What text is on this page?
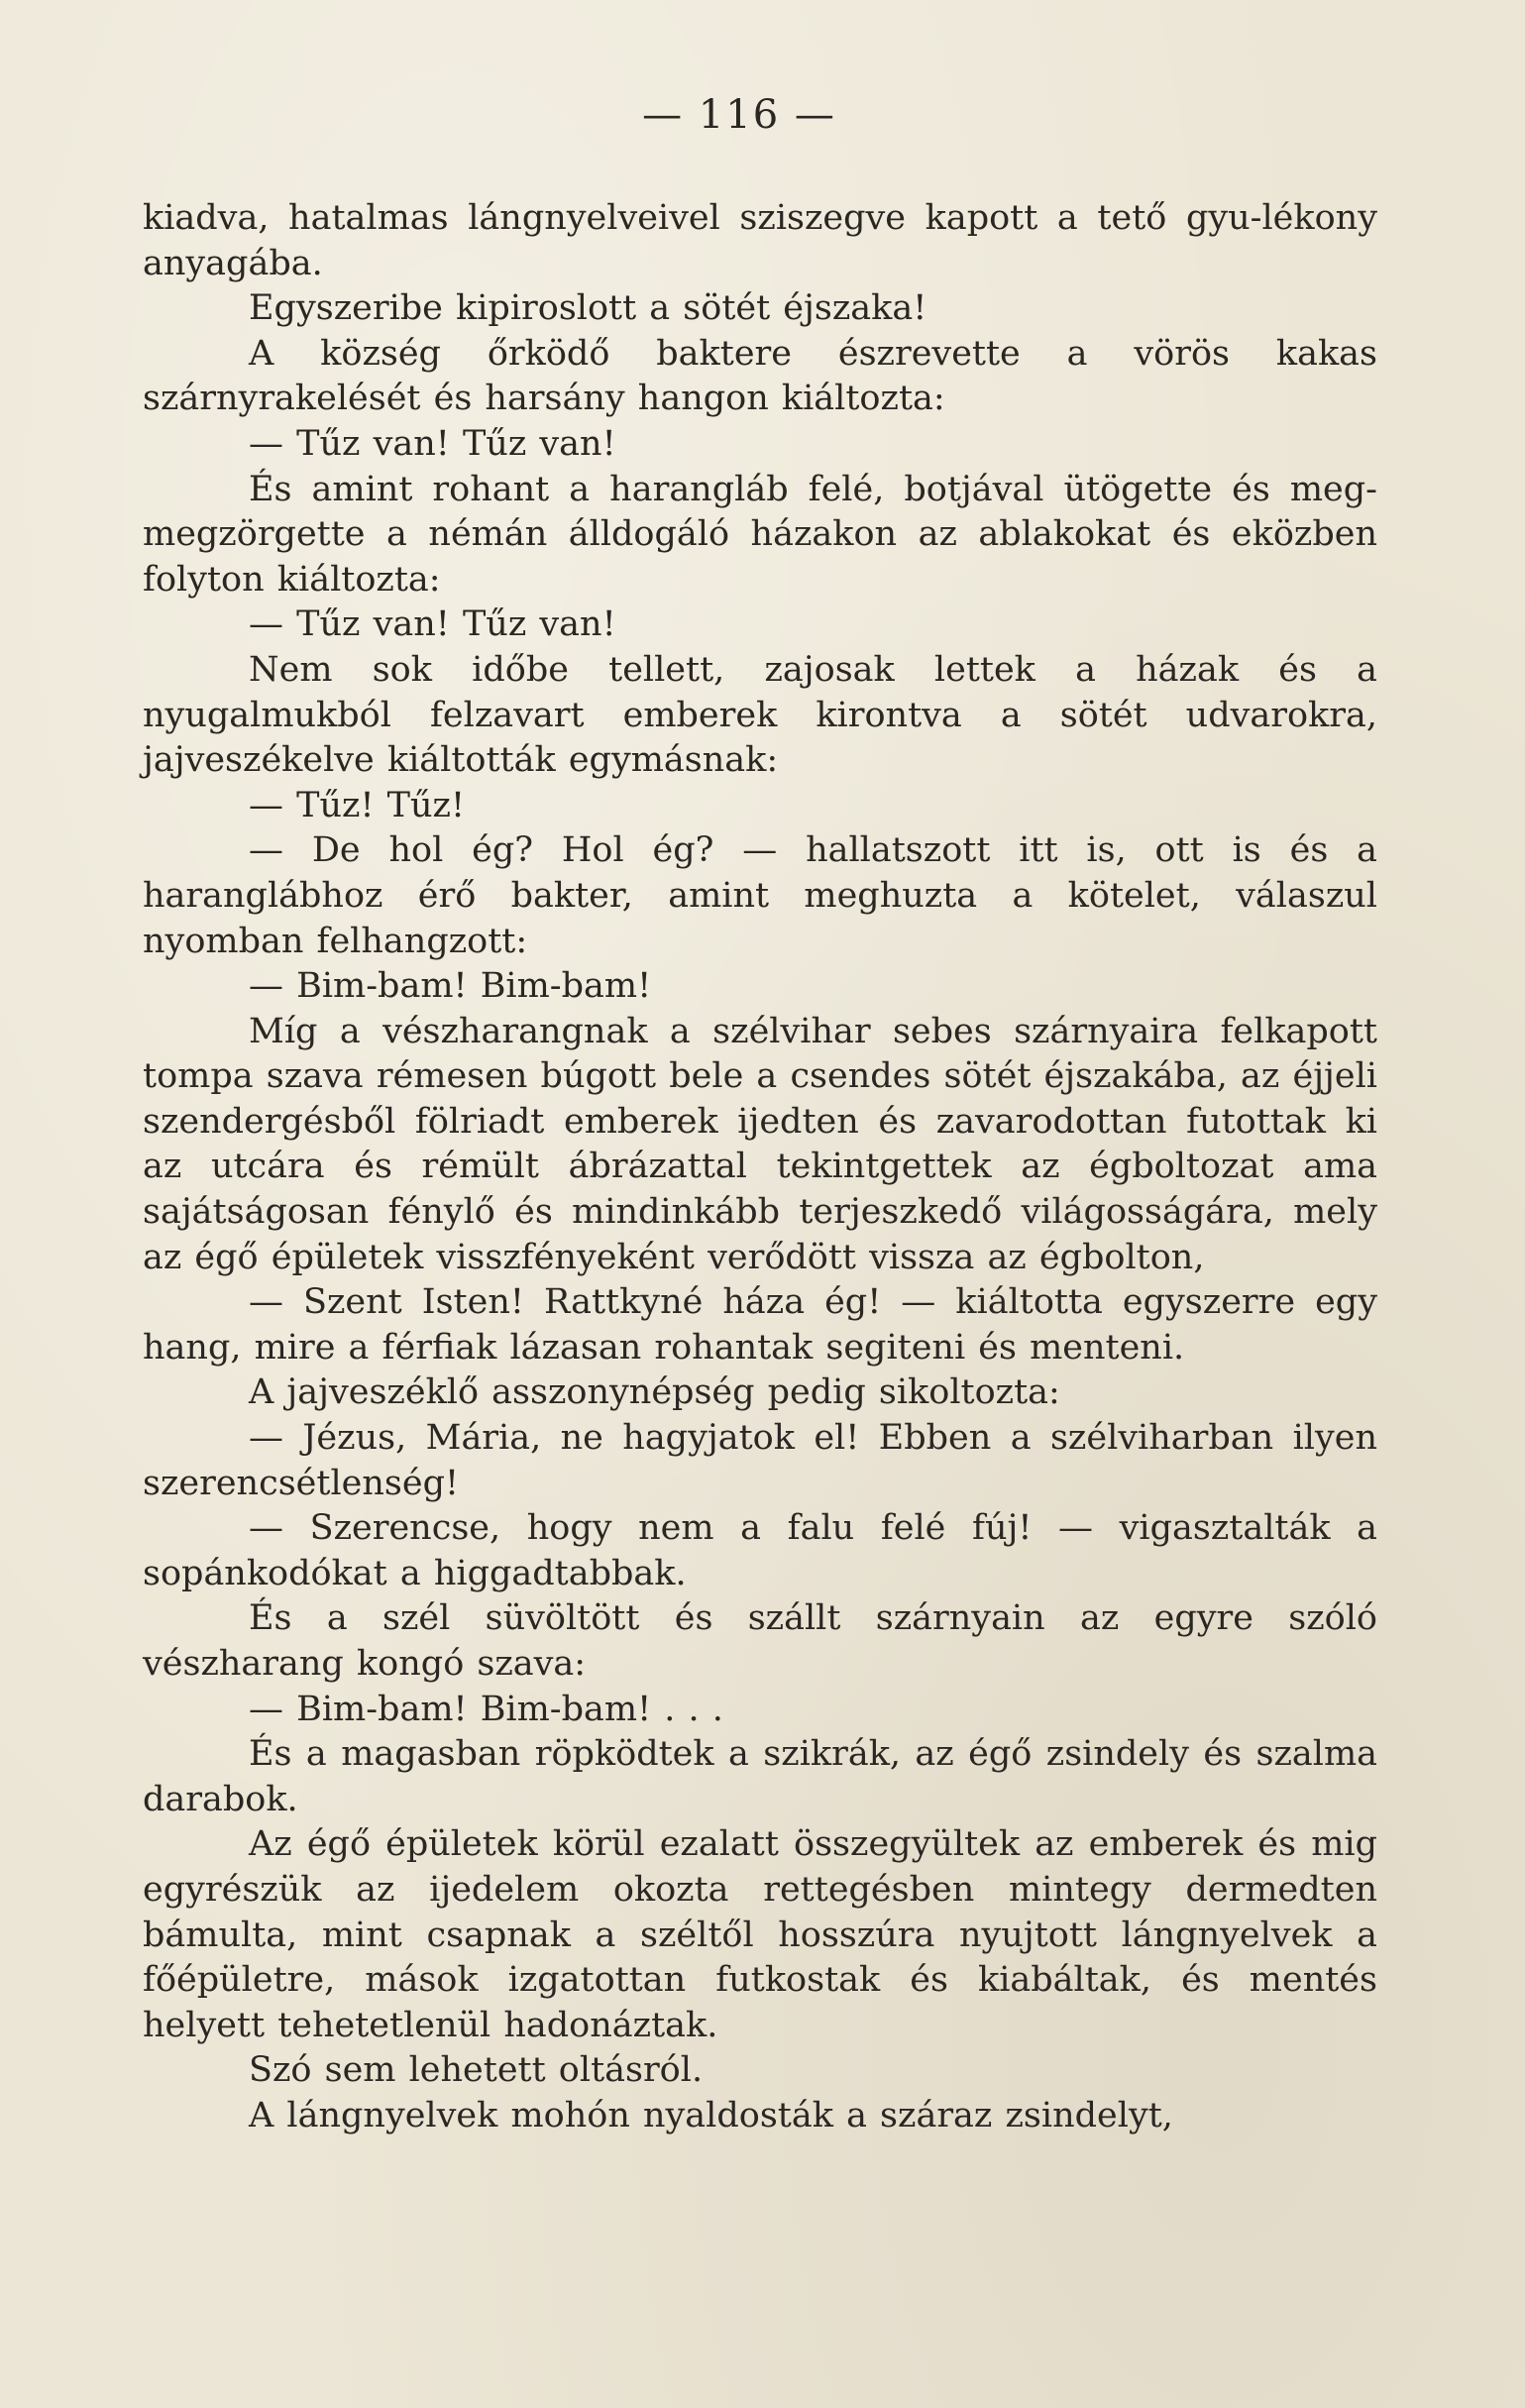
— 116 —

kiadva, hatalmas lángnyelveivel sziszegve kapott a tető gyu-lékony anyagába.

Egyszeribe kipiroslott a sötét éjszaka!

A község őrködő baktere észrevette a vörös kakas szárnyrakelését és harsány hangon kiáltozta:

— Tűz van! Tűz van!

És amint rohant a harangláb felé, botjával ütögette és meg-megzörgette a némán álldogáló házakon az ablakokat és eközben folyton kiáltozta:

— Tűz van! Tűz van!

Nem sok időbe tellett, zajosak lettek a házak és a nyugalmukból felzavart emberek kirontva a sötét udvarokra, jajveszékelve kiáltották egymásnak:

— Tűz! Tűz!

— De hol ég? Hol ég? — hallatszott itt is, ott is és a haranglábhoz érő bakter, amint meghuzta a kötelet, válaszul nyomban felhangzott:

— Bim-bam! Bim-bam!

Míg a vészharangnak a szélvihar sebes szárnyaira felkapott tompa szava rémesen búgott bele a csendes sötét éjszakába, az éjjeli szendergésből fölriadt emberek ijedten és zavarodottan futottak ki az utcára és rémült ábrázattal tekintgettek az égboltozat ama sajátságosan fénylő és mindinkább terjeszkedő világosságára, mely az égő épületek visszfényeként verődött vissza az égbolton,

— Szent Isten! Rattkyné háza ég! — kiáltotta egyszerre egy hang, mire a férfiak lázasan rohantak segiteni és menteni.

A jajveszéklő asszonynépség pedig sikoltozta:

— Jézus, Mária, ne hagyjatok el! Ebben a szélviharban ilyen szerencsétlenség!

— Szerencse, hogy nem a falu felé fúj! — vigasztalták a sopánkodókat a higgadtabbak.

És a szél süvöltött és szállt szárnyain az egyre szóló vészharang kongó szava:

— Bim-bam! Bim-bam! . . .

És a magasban röpködtek a szikrák, az égő zsindely és szalma darabok.

Az égő épületek körül ezalatt összegyültek az emberek és mig egyrészük az ijedelem okozta rettegésben mintegy dermedten bámulta, mint csapnak a széltől hosszúra nyujtott lángnyelvek a főépületre, mások izgatottan futkostak és kiabáltak, és mentés helyett tehetetlenül hadonáztak.

Szó sem lehetett oltásról.

A lángnyelvek mohón nyaldosták a száraz zsindelyt,
